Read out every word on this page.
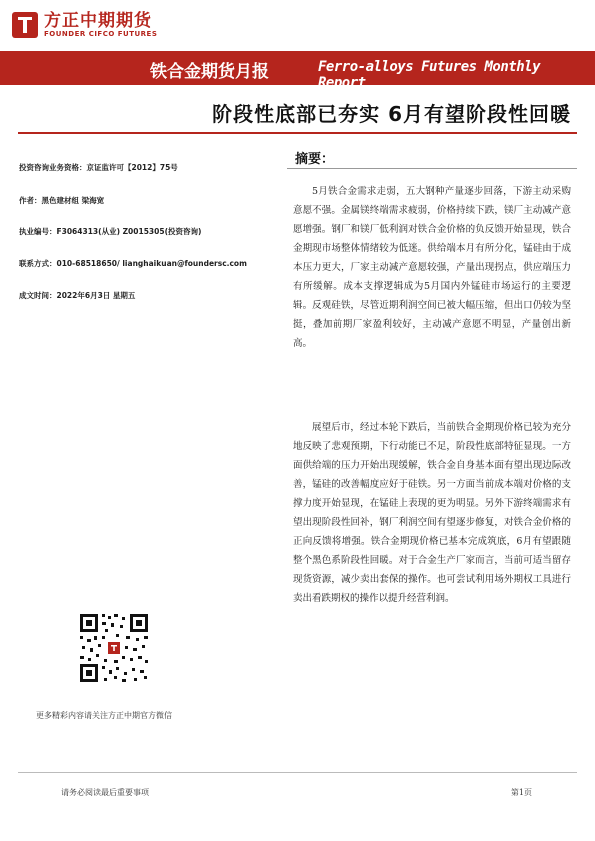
方正中期期货
FOUNDER CIFCO FUTURES
铁合金期货月报	Ferro-alloys Futures Monthly Report
阶段性底部已夯实 6月有望阶段性回暖
投资咨询业务资格：京证监许可【2012】75号
作者：黑色建材组 梁海宽
执业编号：F3064313(从业) Z0015305(投资咨询)
联系方式：010-68518650/ lianghaikuan@foundersc.com
成文时间：2022年6月3日 星期五
摘要：

5月铁合金需求走弱，五大钢种产量逐步回落，下游主动采购意愿不强。金属镁终端需求疲弱，价格持续下跌，镁厂主动减产意愿增强。钢厂和镁厂低利润对铁合金价格的负反馈开始显现，铁合金期现市场整体情绪较为低迷。供给端本月有所分化，锰硅由于成本压力更大，厂家主动减产意愿较强，产量出现拐点，供应端压力有所缓解。成本支撑逻辑成为5月国内外锰硅市场运行的主要逻辑。反观硅铁，尽管近期利润空间已被大幅压缩，但出口仍较为坚挺，叠加前期厂家盈利较好，主动减产意愿不明显，产量创出新高。

展望后市，经过本轮下跌后，当前铁合金期现价格已较为充分地反映了悲观预期，下行动能已不足，阶段性底部特征显现。一方面供给端的压力开始出现缓解，铁合金自身基本面有望出现边际改善，锰硅的改善幅度应好于硅铁。另一方面当前成本端对价格的支撑力度开始显现，在锰硅上表现的更为明显。另外下游终端需求有望出现阶段性回补，钢厂利润空间有望逐步修复，对铁合金价格的正向反馈将增强。铁合金期现价格已基本完成筑底，6月有望跟随整个黑色系阶段性回暖。对于合金生产厂家而言，当前可适当留存现货资源，减少卖出套保的操作。也可尝试利用场外期权工具进行卖出看跌期权的操作以提升经营利润。

更多精彩内容请关注方正中期官方微信
请务必阅读最后重要事项	第1页
